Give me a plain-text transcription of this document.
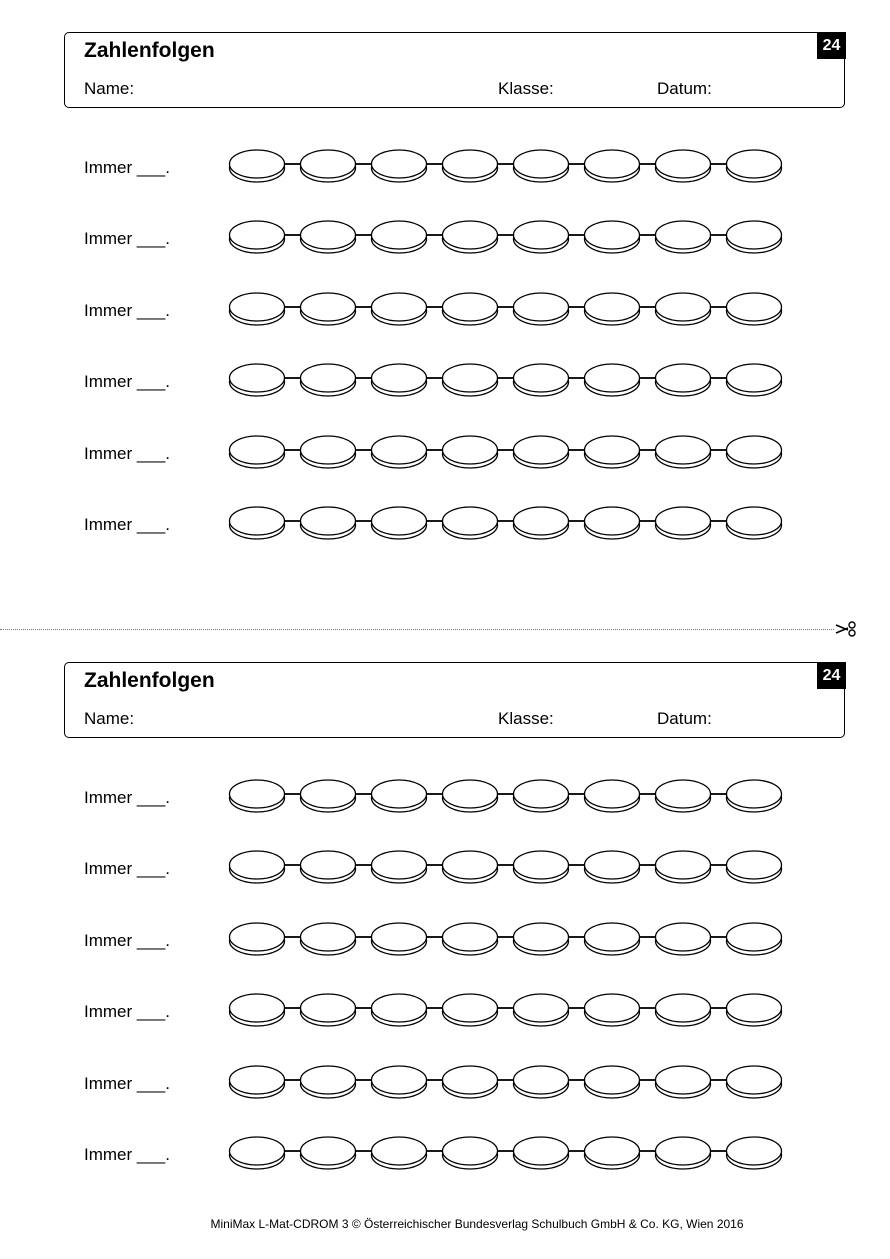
Zahlenfolgen
Name:	Klasse:	Datum:
24
Immer ___.
Immer ___.
Immer ___.
Immer ___.
Immer ___.
Immer ___.
Zahlenfolgen
Name:	Klasse:	Datum:
24
Immer ___.
Immer ___.
Immer ___.
Immer ___.
Immer ___.
Immer ___.
MiniMax L-Mat-CDROM 3 © Österreichischer Bundesverlag Schulbuch GmbH & Co. KG, Wien 2016
